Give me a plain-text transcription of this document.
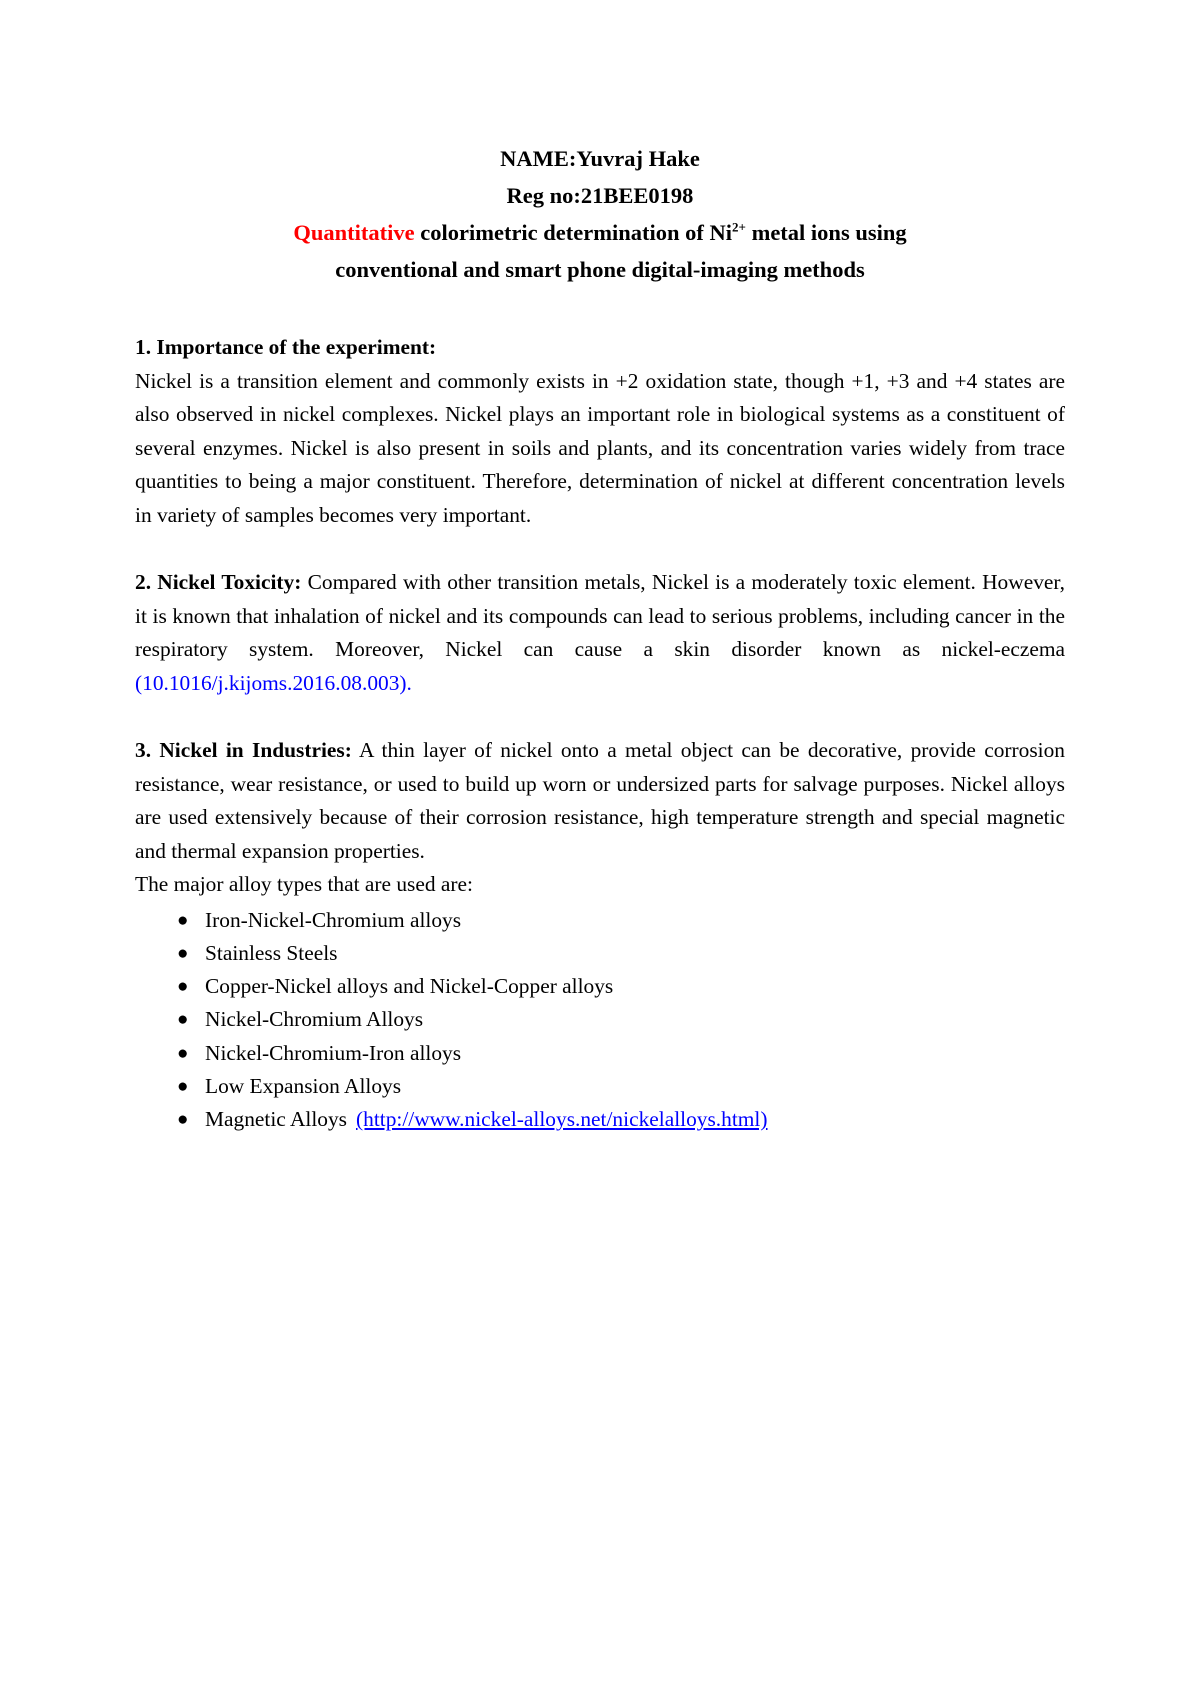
NAME:Yuvraj Hake

Reg no:21BEE0198

Quantitative colorimetric determination of $Ni^{2+}$ metal ions using

conventional and smart phone digital-imaging methods

1. Importance of the experiment:

Nickel is a transition element and commonly exists in +2 oxidation state, though +1, +3 and +4 states are also observed in nickel complexes. Nickel plays an important role in biological systems as a constituent of several enzymes. Nickel is also present in soils and plants, and its concentration varies widely from trace quantities to being a major constituent. Therefore, determination of nickel at different concentration levels in variety of samples becomes very important.

2. Nickel Toxicity: Compared with other transition metals, Nickel is a moderately toxic element. However, it is known that inhalation of nickel and its compounds can lead to serious problems, including cancer in the respiratory system. Moreover, Nickel can cause a skin disorder known as nickel-eczema (10.1016/j.kijoms.2016.08.003).

3. Nickel in Industries: A thin layer of nickel onto a metal object can be decorative, provide corrosion resistance, wear resistance, or used to build up worn or undersized parts for salvage purposes. Nickel alloys are used extensively because of their corrosion resistance, high temperature strength and special magnetic and thermal expansion properties.

The major alloy types that are used are:

● Iron-Nickel-Chromium alloys
● Stainless Steels
● Copper-Nickel alloys and Nickel-Copper alloys
● Nickel-Chromium Alloys
● Nickel-Chromium-Iron alloys
● Low Expansion Alloys
● Magnetic Alloys (http://www.nickel-alloys.net/nickelalloys.html)
